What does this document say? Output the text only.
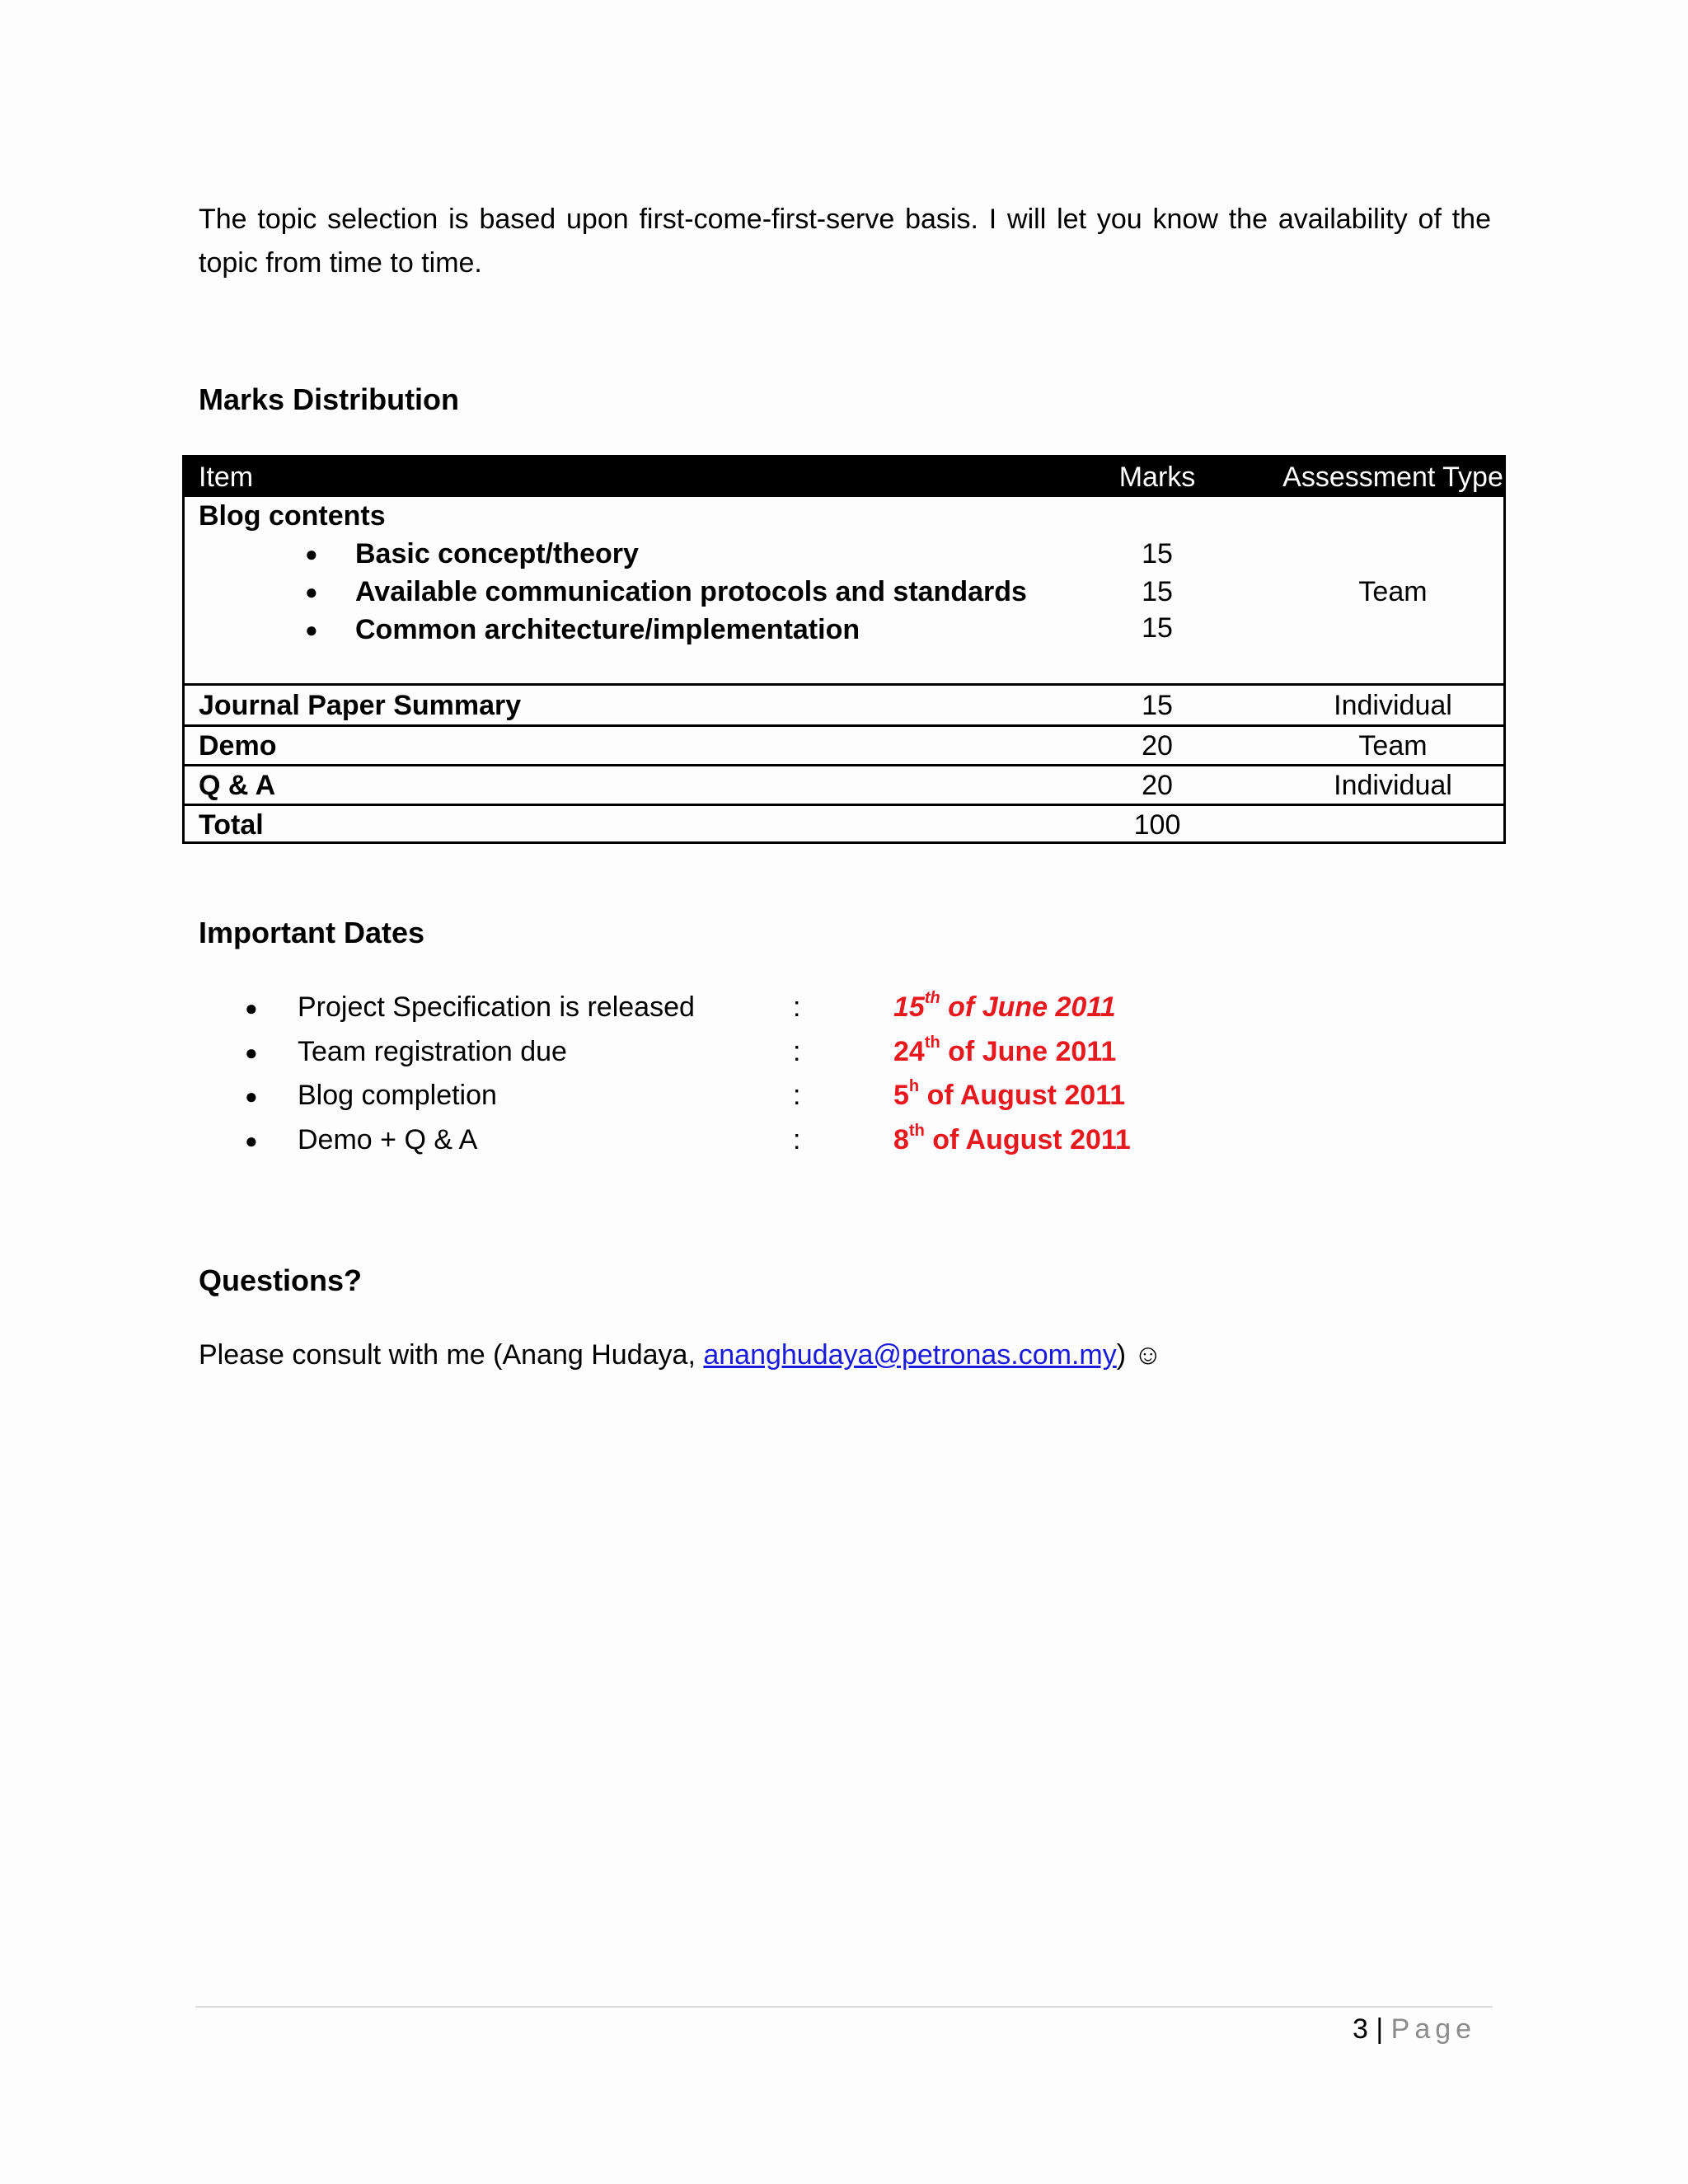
The topic selection is based upon first-come-first-serve basis. I will let you know the availability of the topic from time to time.

Marks Distribution
Item	Marks	Assessment Type
Blog contents
● Basic concept/theory	15
● Available communication protocols and standards	15
● Common architecture/implementation	15
Team
Journal Paper Summary	15	Individual
Demo	20	Team
Q & A	20	Individual
Total	100
Important Dates
● Project Specification is released	:	15th of June 2011
● Team registration due	:	24th of June 2011
● Blog completion	:	5$^h$ of August 2011
● Demo + Q & A	:	8th of August 2011
Questions?
Please consult with me (Anang Hudaya, ananghudaya@petronas.com.my) ☺
3 | Page
